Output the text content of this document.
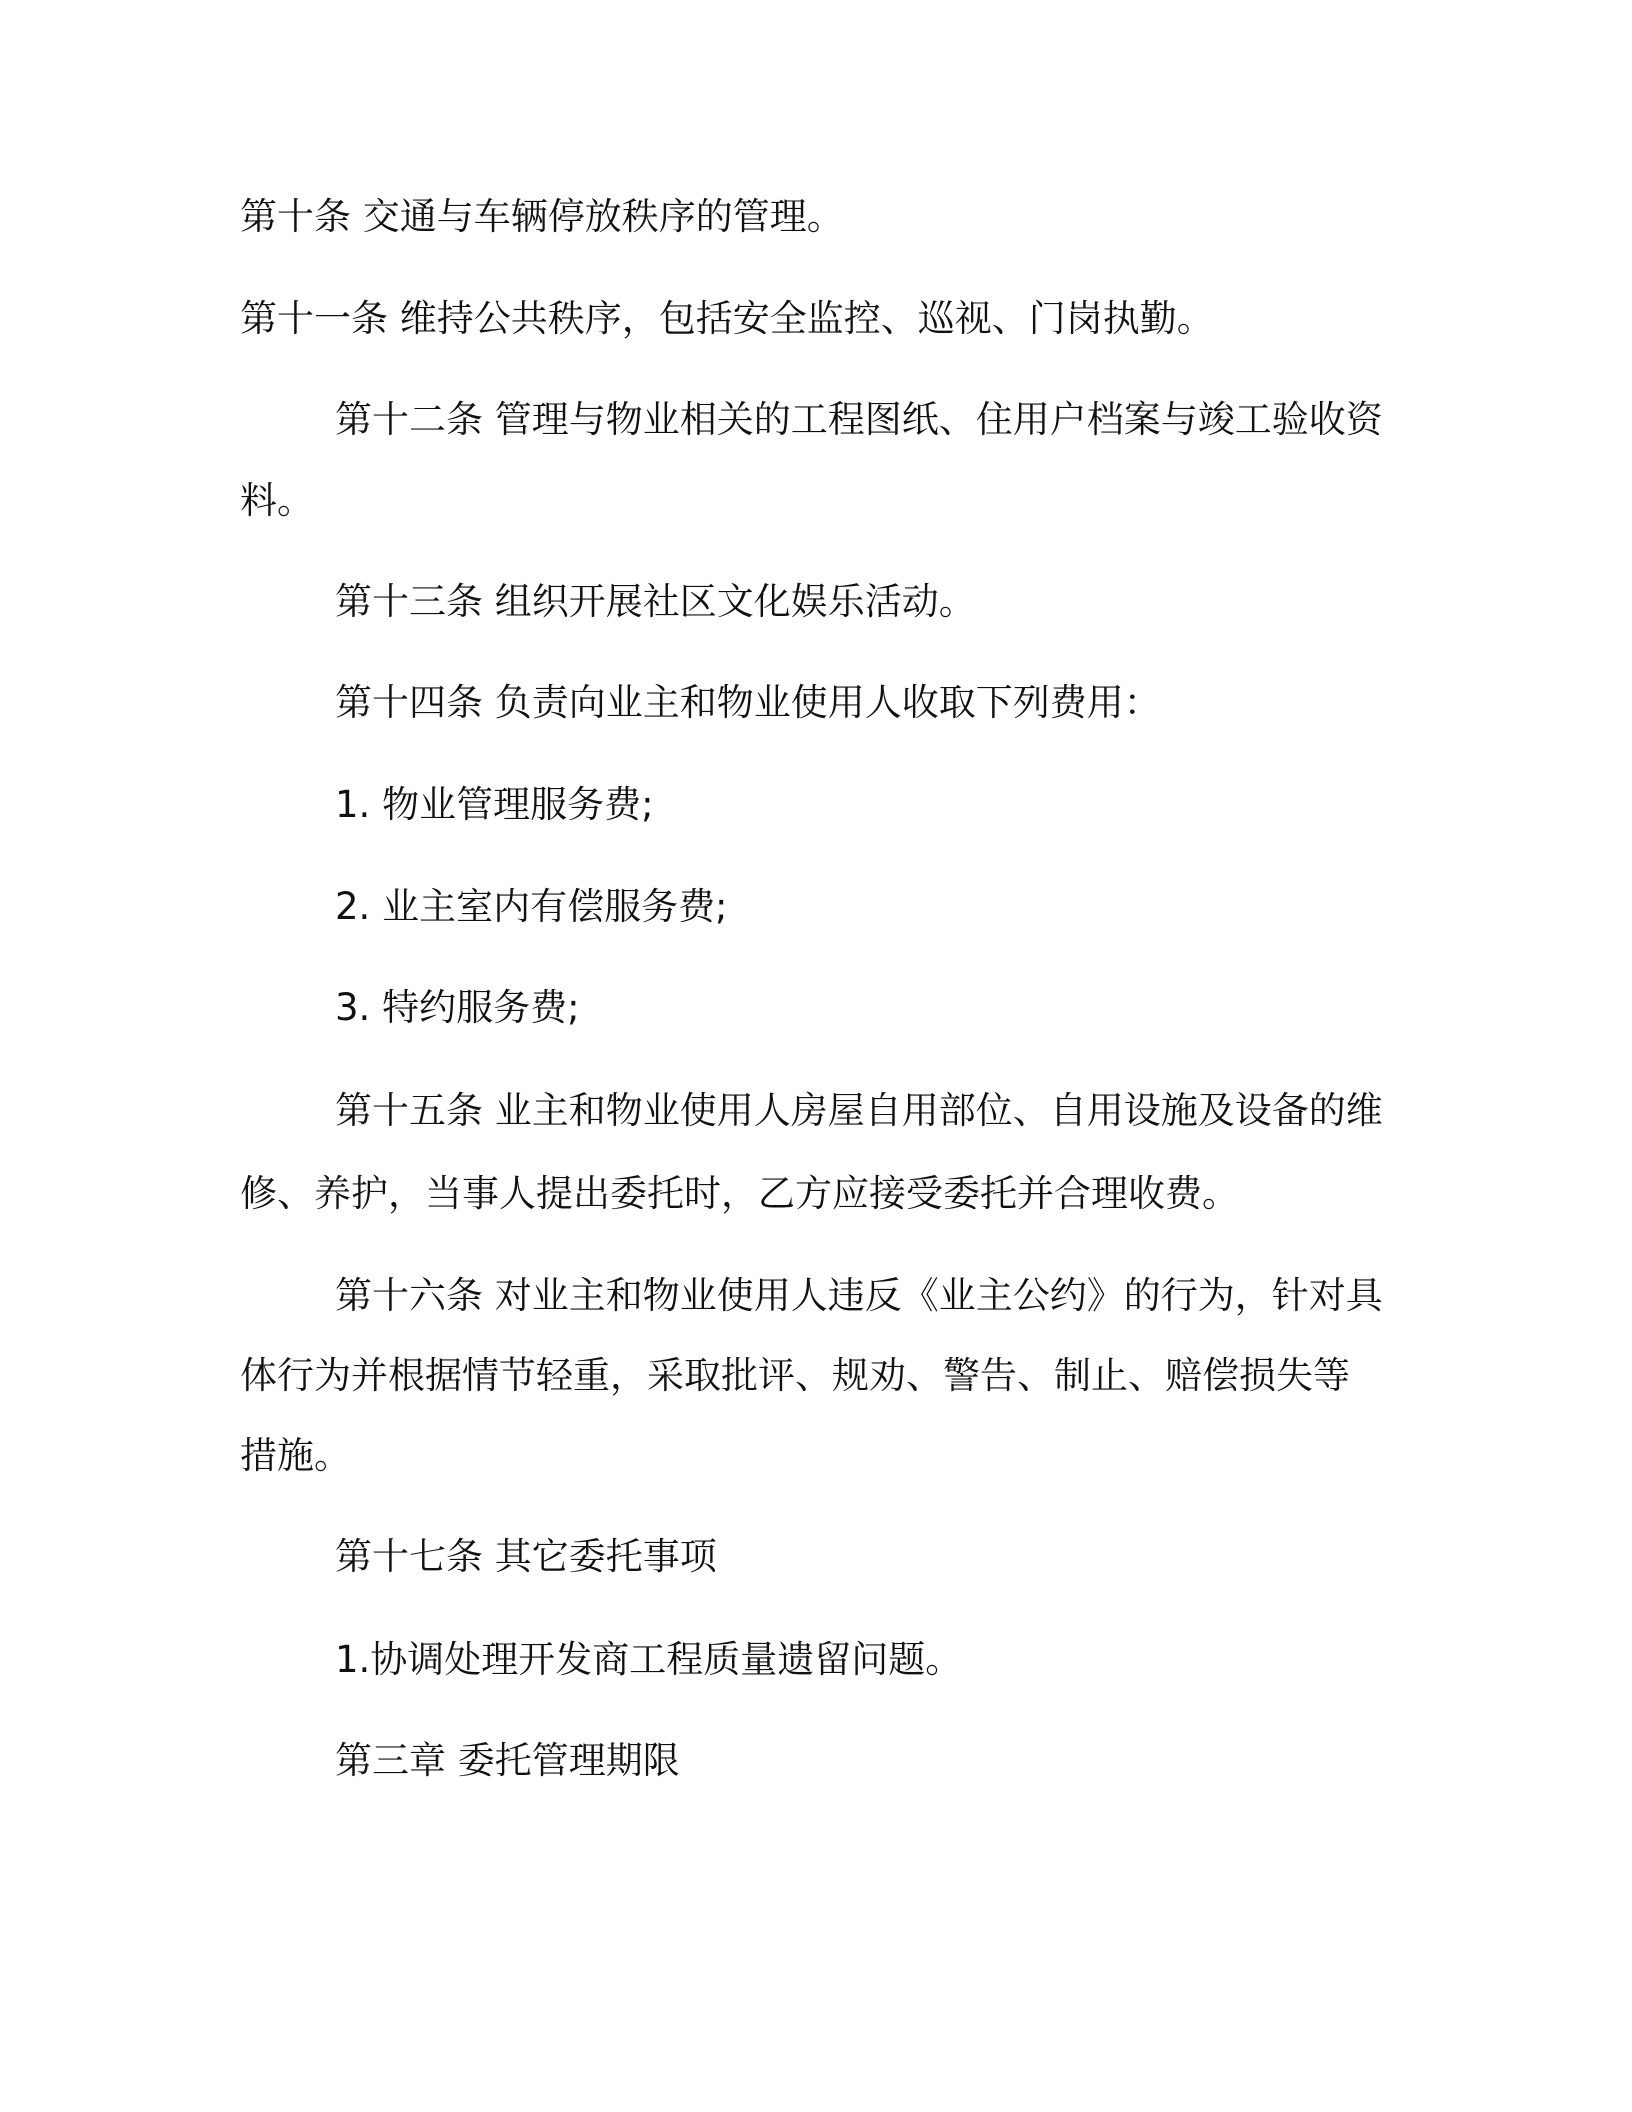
第十条 交通与车辆停放秩序的管理。
第十一条 维持公共秩序，包括安全监控、巡视、门岗执勤。
第十二条 管理与物业相关的工程图纸、住用户档案与竣工验收资
料。
第十三条 组织开展社区文化娱乐活动。
第十四条 负责向业主和物业使用人收取下列费用：
1. 物业管理服务费;
2. 业主室内有偿服务费;
3. 特约服务费;
第十五条 业主和物业使用人房屋自用部位、自用设施及设备的维
修、养护，当事人提出委托时，乙方应接受委托并合理收费。
第十六条 对业主和物业使用人违反《业主公约》的行为，针对具
体行为并根据情节轻重，采取批评、规劝、警告、制止、赔偿损失等
措施。
第十七条 其它委托事项
1.协调处理开发商工程质量遗留问题。
第三章 委托管理期限
